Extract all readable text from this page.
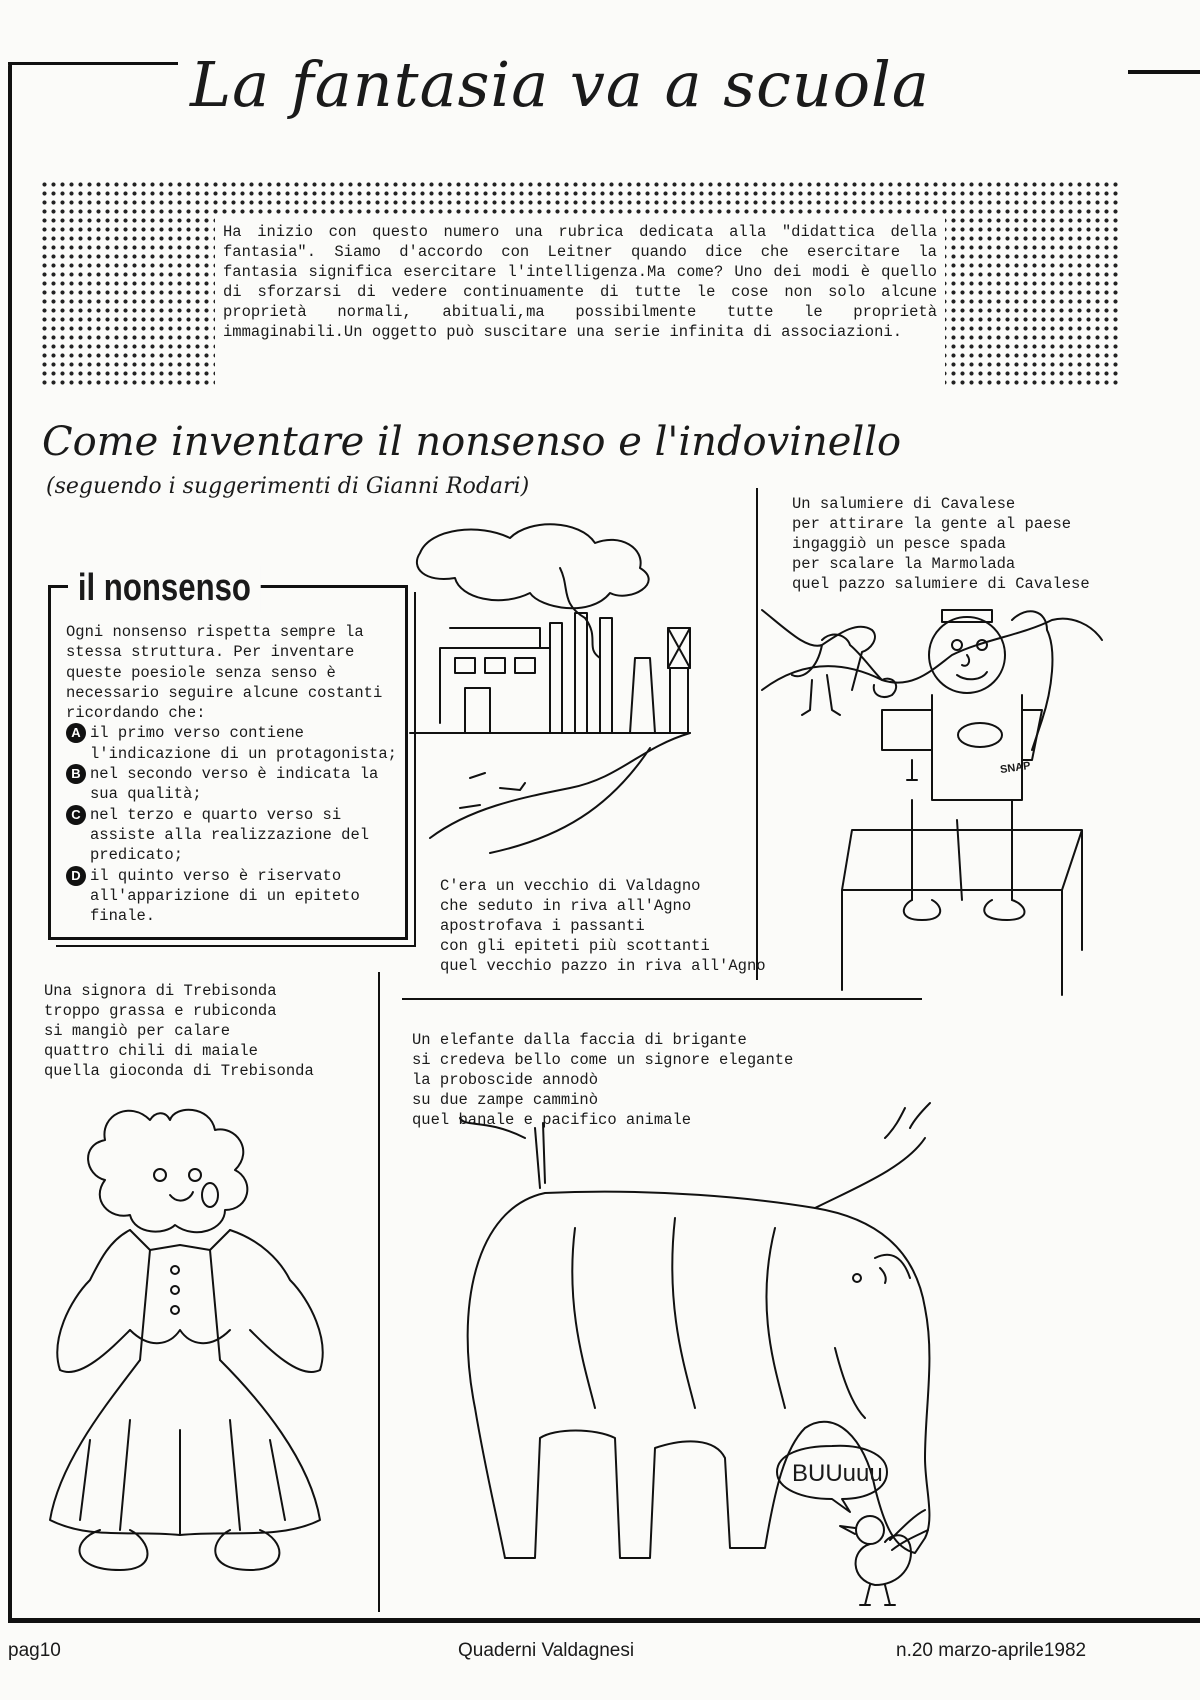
La fantasia va a scuola
Ha inizio con questo numero una rubrica dedicata alla "didattica della fantasia". Siamo d'accordo con Leitner quando dice che esercitare la fantasia significa esercitare l'intelligenza.Ma come? Uno dei modi è quello di sforzarsi di vedere continuamente di tutte le cose non solo alcune proprietà normali, abituali,ma possibilmente tutte le proprietà immaginabili.Un oggetto può suscitare una serie infinita di associazioni.
Come inventare il nonsenso e l'indovinello
(seguendo i suggerimenti di Gianni Rodari)
il nonsenso
Ogni nonsenso rispetta sempre la stessa struttura. Per inventare queste poesiole senza senso è necessario seguire alcune costanti ricordando che:
A il primo verso contiene l'indicazione di un protagonista;
B nel secondo verso è indicata la sua qualità;
C nel terzo e quarto verso si assiste alla realizzazione del predicato;
D il quinto verso è riservato all'apparizione di un epiteto finale.
Un salumiere di Cavalese
per attirare la gente al paese
ingaggiò un pesce spada
per scalare la Marmolada
quel pazzo salumiere di Cavalese
C'era un vecchio di Valdagno
che seduto in riva all'Agno
apostrofava i passanti
con gli epiteti più scottanti
quel vecchio pazzo in riva all'Agno
Una signora di Trebisonda
troppo grassa e rubiconda
si mangiò per calare
quattro chili di maiale
quella gioconda di Trebisonda
Un elefante dalla faccia di brigante
si credeva bello come un signore elegante
la proboscide annodò
su due zampe camminò
quel banale e pacifico animale
SNAP
BUUuuu
pag10	Quaderni Valdagnesi	n.20 marzo-aprile1982
